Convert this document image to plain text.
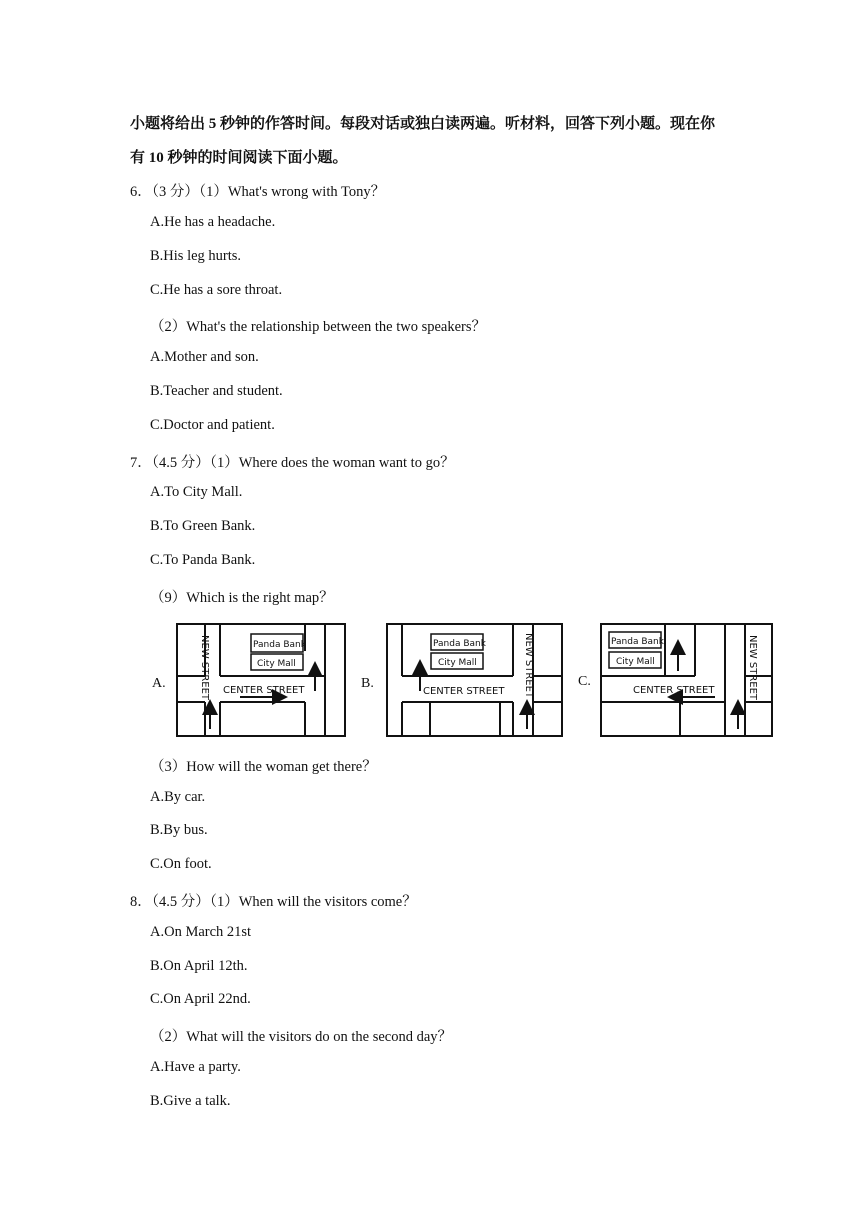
小题将给出 5 秒钟的作答时间。每段对话或独白读两遍。听材料，回答下列小题。现在你
有 10 秒钟的时间阅读下面小题。
6．（3 分）（1）What's wrong with Tony？
A.He has a headache.
B.His leg hurts.
C.He has a sore throat.
（2）What's the relationship between the two speakers？
A.Mother and son.
B.Teacher and student.
C.Doctor and patient.
7．（4.5 分）（1）Where does the woman want to go？
A.To City Mall.
B.To Green Bank.
C.To Panda Bank.
（9）Which is the right map？
A.
Panda Bank
City Mall
CENTER STREET
NEW STREET	B.
Panda Bank
City Mall
CENTER STREET NEW STREET	C.
Panda Bank
City Mall
CENTER STREET	NEW STREET
（3）How will the woman get there？
A.By car.
B.By bus.
C.On foot.
8．（4.5 分）（1）When will the visitors come？
A.On March 21st
B.On April 12th.
C.On April 22nd.
（2）What will the visitors do on the second day？
A.Have a party.
B.Give a talk.
